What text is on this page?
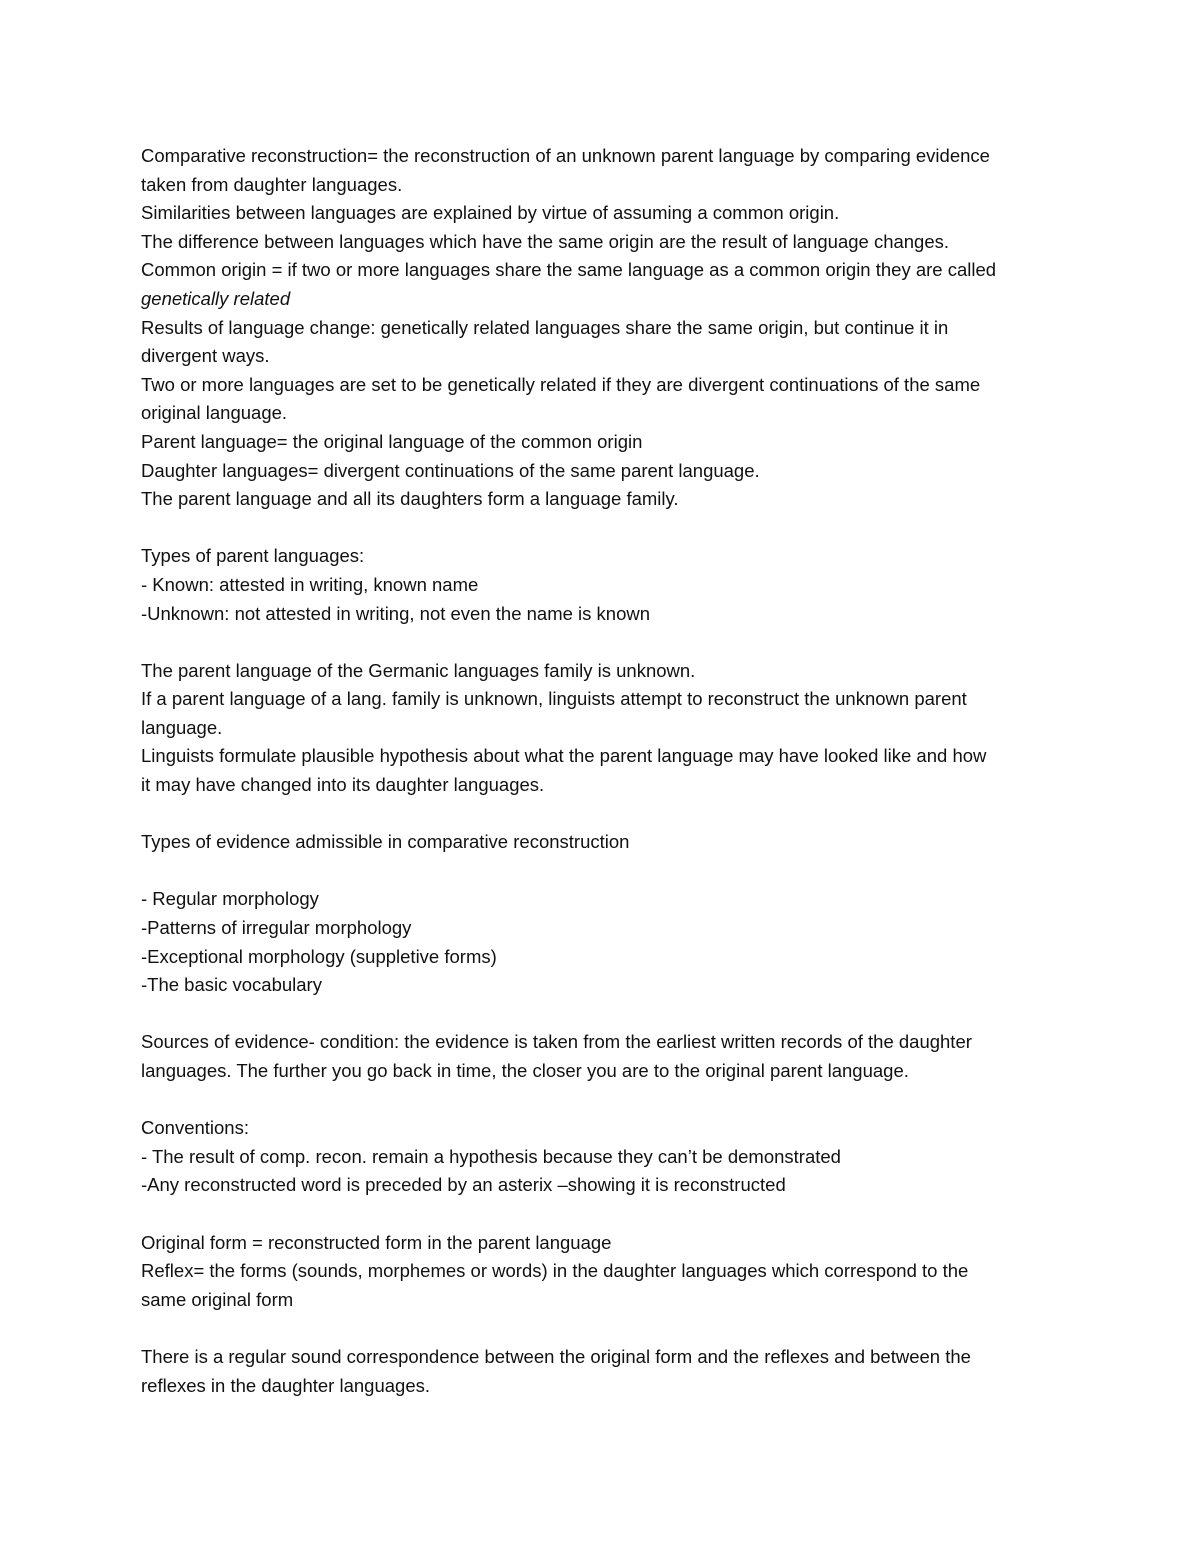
Comparative reconstruction= the reconstruction of an unknown parent language by comparing evidence
taken from daughter languages.
Similarities between languages are explained by virtue of assuming a common origin.
The difference between languages which have the same origin are the result of language changes.
Common origin = if two or more languages share the same language as a common origin they are called
genetically related
Results of language change: genetically related languages share the same origin, but continue it in
divergent ways.
Two or more languages are set to be genetically related if they are divergent continuations of the same
original language.
Parent language= the original language of the common origin
Daughter languages= divergent continuations of the same parent language.
The parent language and all its daughters form a language family.

Types of parent languages:
- Known: attested in writing, known name
-Unknown: not attested in writing, not even the name is known

The parent language of the Germanic languages family is unknown.
If a parent language of a lang. family is unknown, linguists attempt to reconstruct the unknown parent
language.
Linguists formulate plausible hypothesis about what the parent language may have looked like and how
it may have changed into its daughter languages.

Types of evidence admissible in comparative reconstruction

- Regular morphology
-Patterns of irregular morphology
-Exceptional morphology (suppletive forms)
-The basic vocabulary

Sources of evidence- condition: the evidence is taken from the earliest written records of the daughter
languages. The further you go back in time, the closer you are to the original parent language.

Conventions:
- The result of comp. recon. remain a hypothesis because they can’t be demonstrated
-Any reconstructed word is preceded by an asterix –showing it is reconstructed

Original form = reconstructed form in the parent language
Reflex= the forms (sounds, morphemes or words) in the daughter languages which correspond to the
same original form

There is a regular sound correspondence between the original form and the reflexes and between the
reflexes in the daughter languages.
